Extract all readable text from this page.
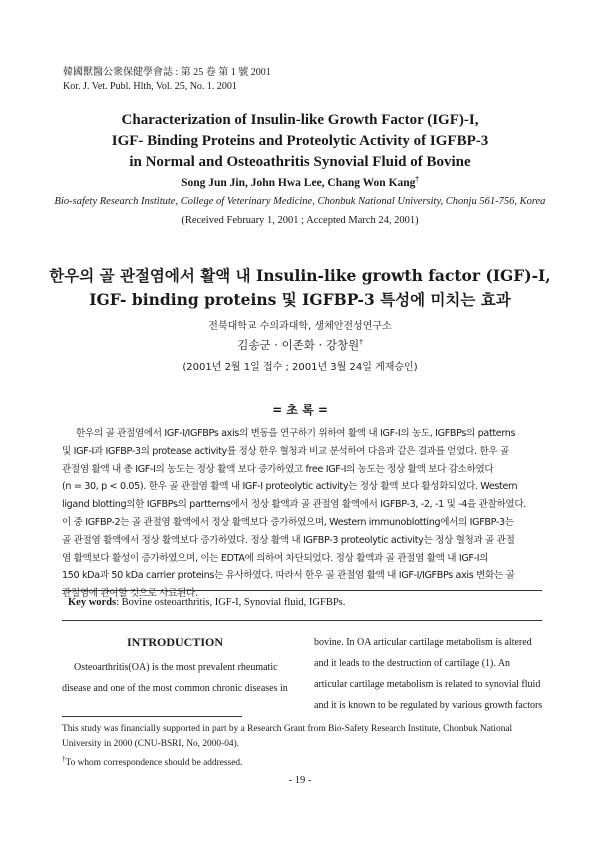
韓國獸醫公衆保健學會誌 : 第 25 卷 第 1 號 2001
Kor. J. Vet. Publ. Hlth, Vol. 25, No. 1. 2001
Characterization of Insulin-like Growth Factor (IGF)-I,
IGF- Binding Proteins and Proteolytic Activity of IGFBP-3
in Normal and Osteoathritis Synovial Fluid of Bovine
Song Jun Jin, John Hwa Lee, Chang Won Kang†
Bio-safety Research Institute, College of Veterinary Medicine, Chonbuk National University, Chonju 561-756, Korea
(Received February 1, 2001 ; Accepted March 24, 2001)
한우의 골 관절염에서 활액 내 Insulin-like growth factor (IGF)-I,
IGF- binding proteins 및 IGFBP-3 특성에 미치는 효과
전북대학교 수의과대학, 생체안전성연구소
김송군 · 이존화 · 강창원†
(2001년 2월 1일 접수 ; 2001년 3월 24일 게재승인)
= 초 록 =
한우의 골 관절염에서 IGF-I/IGFBPs axis의 변동을 연구하기 위하여 활액 내 IGF-I의 농도, IGFBPs의 patterns
및 IGF-I과 IGFBP-3의 protease activity를 정상 한우 혈청과 비교 분석하여 다음과 같은 결과를 얻었다. 한우 골
관절염 활액 내 총 IGF-I의 농도는 정상 활액 보다 증가하였고 free IGF-I의 농도는 정상 활액 보다 감소하였다
(n = 30, p < 0.05). 한우 골 관절염 활액 내 IGF-I proteolytic activity는 정상 활액 보다 활성화되었다. Western
ligand blotting의한 IGFBPs의 partterns에서 정상 활액과 골 관절염 활액에서 IGFBP-3, -2, -1 및 -4을 관찰하였다.
이 중 IGFBP-2는 골 관절염 활액에서 정상 활액보다 증가하였으며, Western immunoblotting에서의 IGFBP-3는
골 관절염 활액에서 정상 활액보다 증가하였다. 정상 활액 내 IGFBP-3 proteolytic activity는 정상 혈청과 골 관절
염 활액보다 활성이 증가하였으며, 이는 EDTA에 의하여 차단되었다. 정상 활액과 골 관절염 활액 내 IGF-I의
150 kDa과 50 kDa carrier proteins는 유사하였다. 따라서 한우 골 관절염 활액 내 IGF-I/IGFBPs axis 변화는 골
관절염에 관여할 것으로 사료된다.
Key words: Bovine osteoarthritis, IGF-I, Synovial fluid, IGFBPs.
INTRODUCTION
Osteoarthritis(OA) is the most prevalent rheumatic
disease and one of the most common chronic diseases in
bovine. In OA articular cartilage metabolism is altered
and it leads to the destruction of cartilage (1). An
articular cartilage metabolism is related to synovial fluid
and it is known to be regulated by various growth factors
This study was financially supported in part by a Research Grant from Bio-Safety Research Institute, Chonbuk National University in 2000 (CNU-BSRI, No, 2000-04).
†To whom correspondence should be addressed.
- 19 -
